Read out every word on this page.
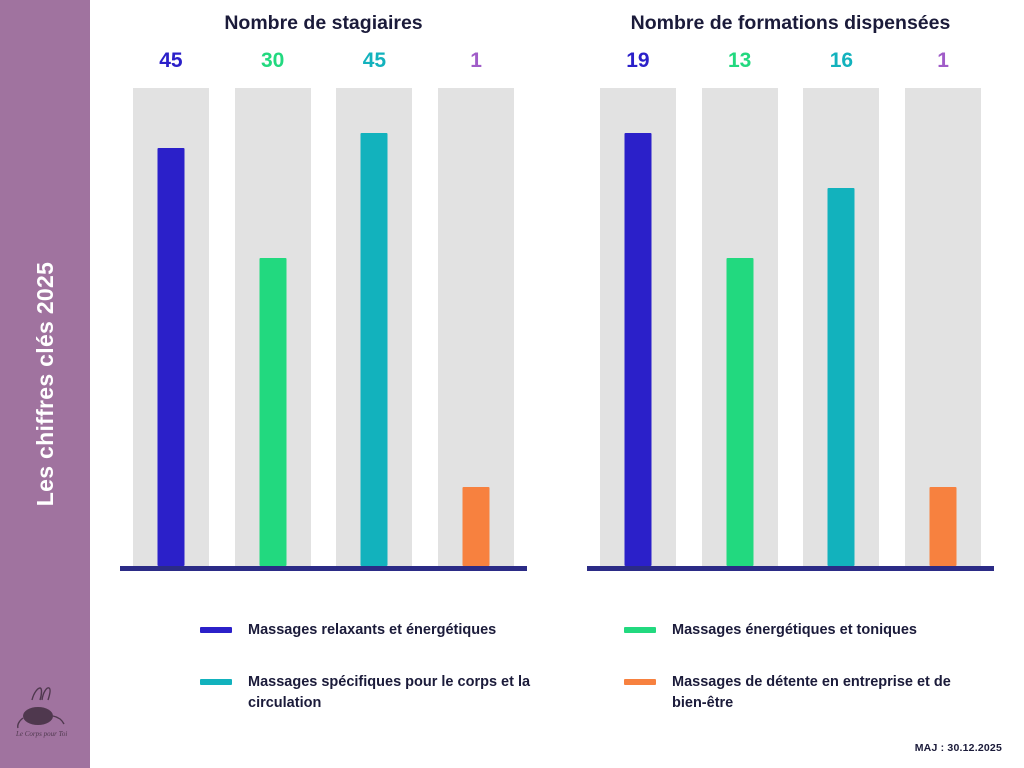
Les chiffres clés 2025
Le Corps pour Toi
Nombre de stagiaires
45	30	45	1
Nombre de formations dispensées
19	13	16	1
Massages relaxants et énergétiques	Massages énergétiques et toniques
Massages spécifiques pour le corps et la circulation
Massages de détente en entreprise et de bien-être
MAJ : 30.12.2025
